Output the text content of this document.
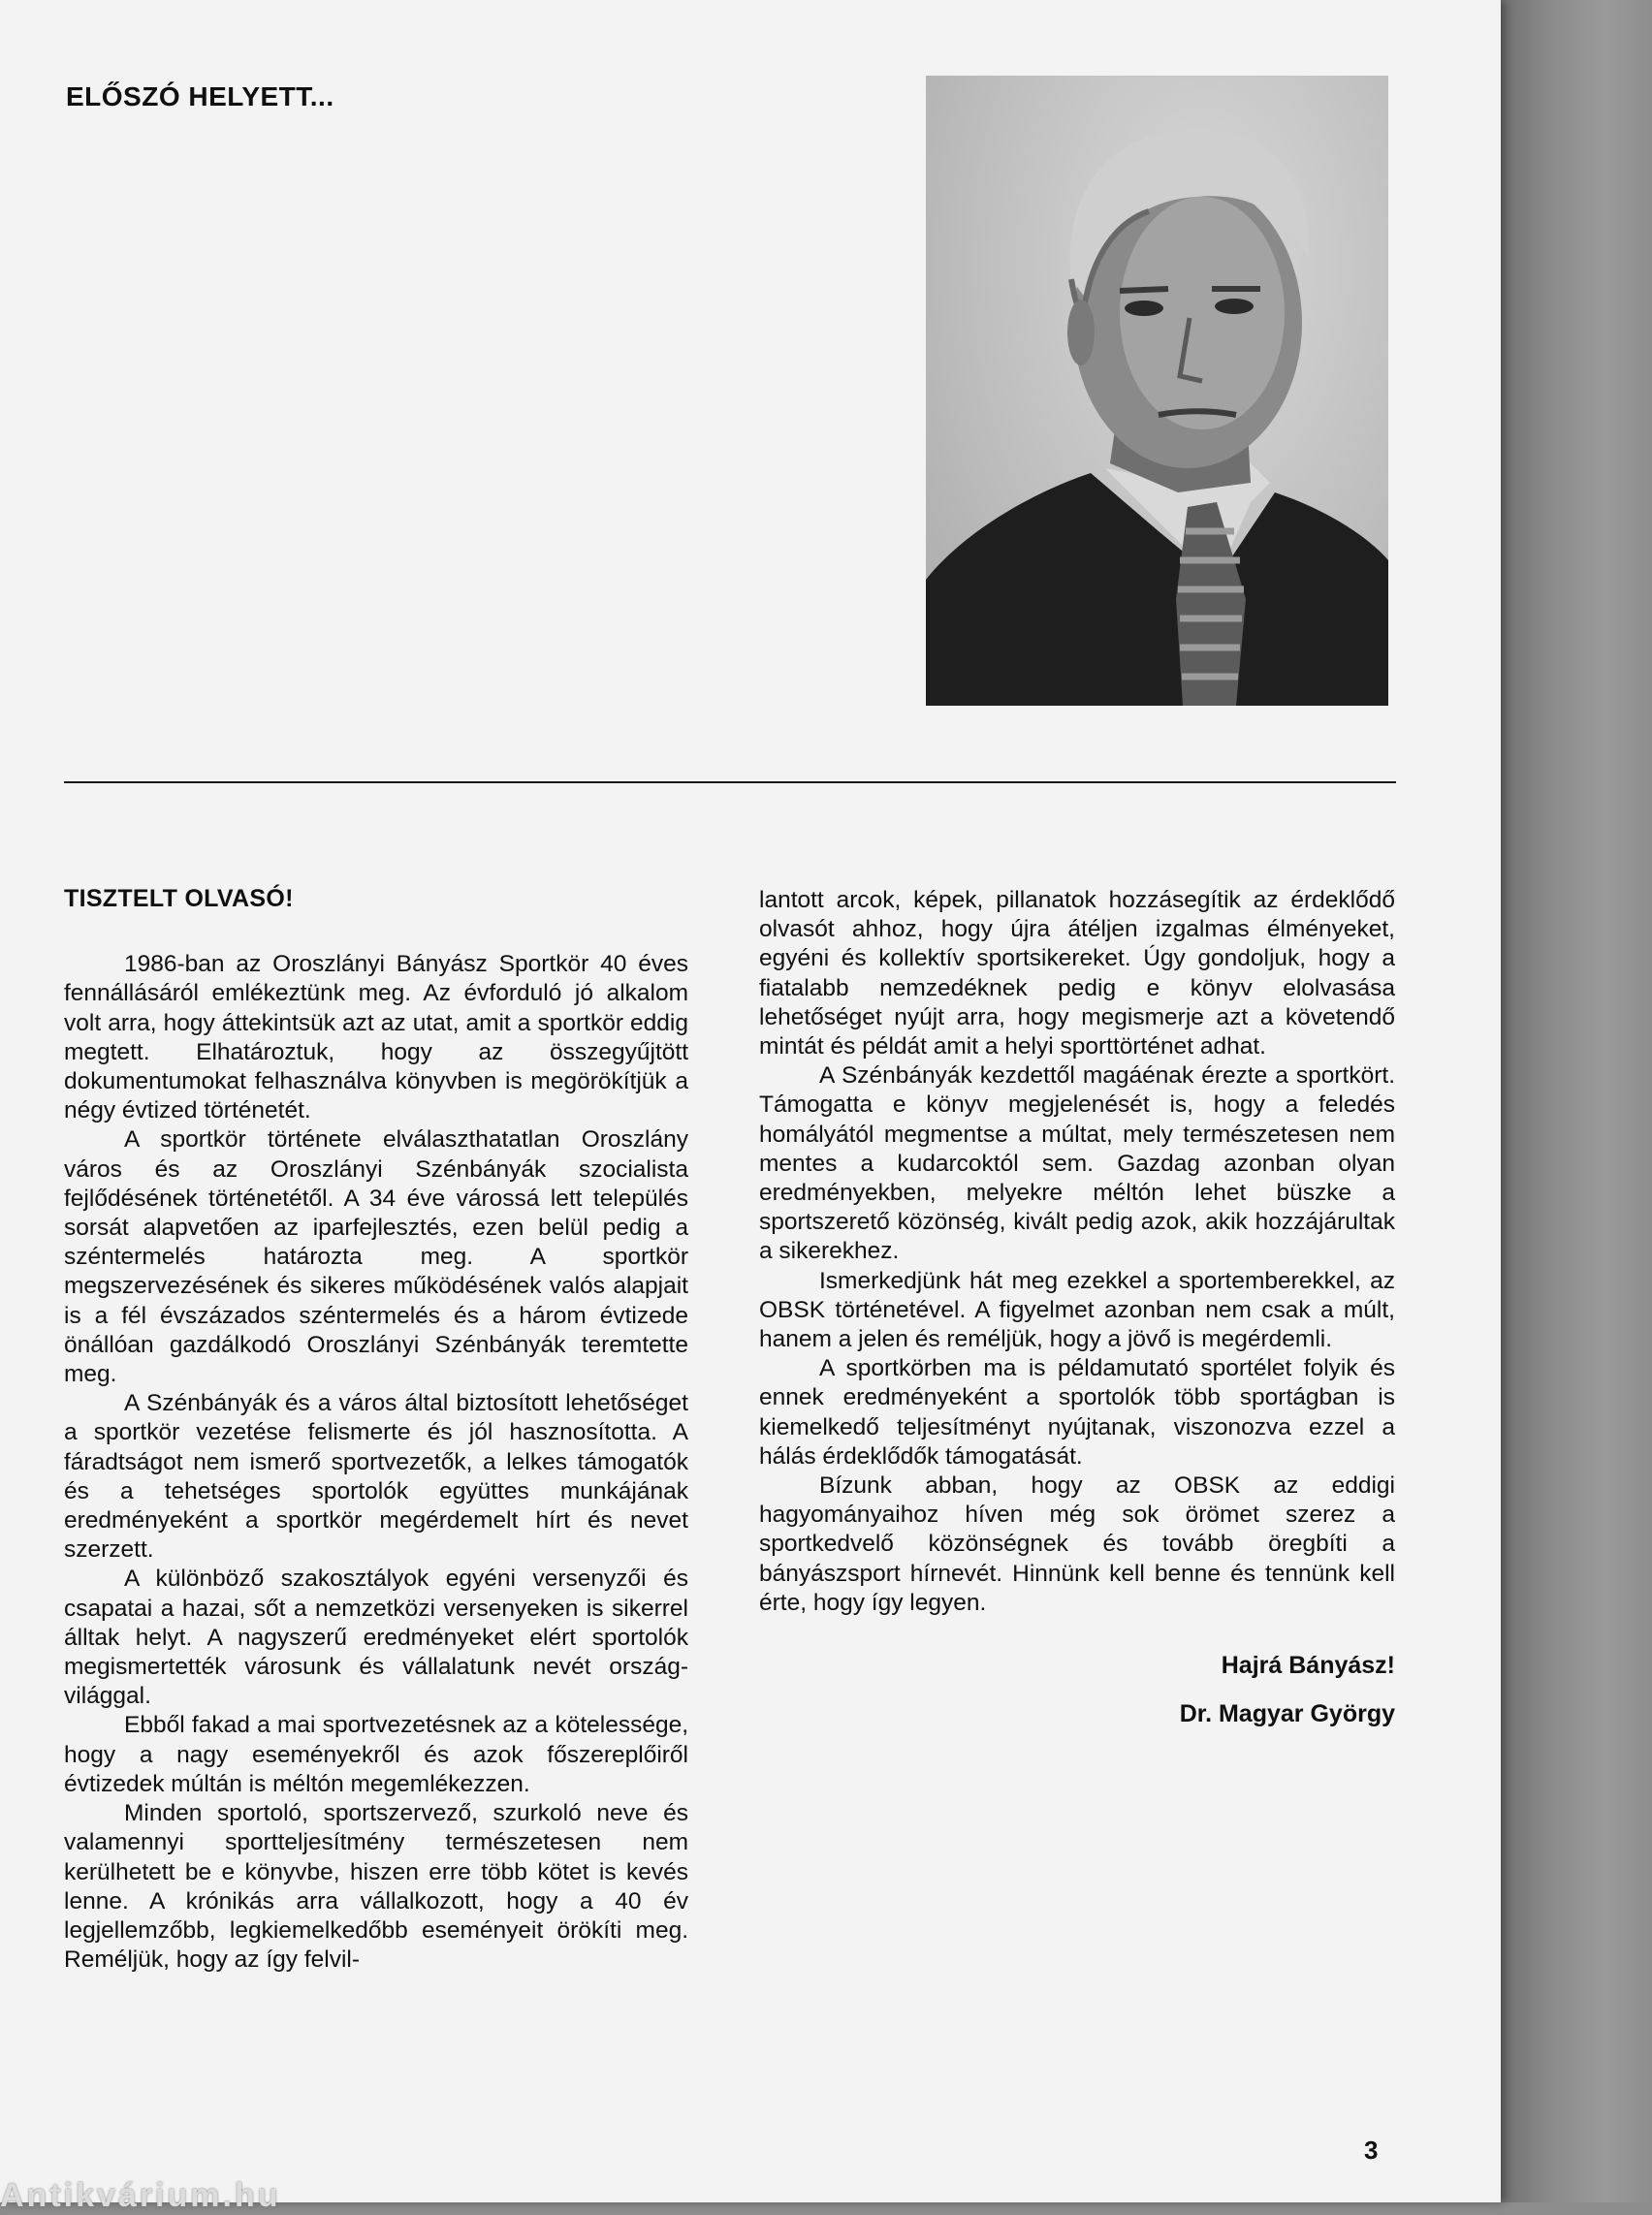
ELŐSZÓ HELYETT...

TISZTELT OLVASÓ!

1986-ban az Oroszlányi Bányász Sportkör 40 éves fennállásáról emlékeztünk meg. Az évforduló jó alkalom volt arra, hogy áttekintsük azt az utat, amit a sportkör eddig megtett. Elhatároztuk, hogy az összegyűjtött dokumentumokat felhasználva könyvben is megörökítjük a négy évtized történetét.

A sportkör története elválaszthatatlan Oroszlány város és az Oroszlányi Szénbányák szocialista fejlődésének történetétől. A 34 éve várossá lett település sorsát alapvetően az iparfejlesztés, ezen belül pedig a széntermelés határozta meg. A sportkör megszervezésének és sikeres működésének valós alapjait is a fél évszázados széntermelés és a három évtizede önállóan gazdálkodó Oroszlányi Szénbányák teremtette meg.

A Szénbányák és a város által biztosított lehetőséget a sportkör vezetése felismerte és jól hasznosította. A fáradtságot nem ismerő sportvezetők, a lelkes támogatók és a tehetséges sportolók együttes munkájának eredményeként a sportkör megérdemelt hírt és nevet szerzett.

A különböző szakosztályok egyéni versenyzői és csapatai a hazai, sőt a nemzetközi versenyeken is sikerrel álltak helyt. A nagyszerű eredményeket elért sportolók megismertették városunk és vállalatunk nevét ország-világgal.

Ebből fakad a mai sportvezetésnek az a kötelessége, hogy a nagy eseményekről és azok főszereplőiről évtizedek múltán is méltón megemlékezzen.

Minden sportoló, sportszervező, szurkoló neve és valamennyi sportteljesítmény természetesen nem kerülhetett be e könyvbe, hiszen erre több kötet is kevés lenne. A krónikás arra vállalkozott, hogy a 40 év legjellemzőbb, legkiemelkedőbb eseményeit örökíti meg. Reméljük, hogy az így felvil-

lantott arcok, képek, pillanatok hozzásegítik az érdeklődő olvasót ahhoz, hogy újra átéljen izgalmas élményeket, egyéni és kollektív sportsikereket. Úgy gondoljuk, hogy a fiatalabb nemzedéknek pedig e könyv elolvasása lehetőséget nyújt arra, hogy megismerje azt a követendő mintát és példát amit a helyi sporttörténet adhat.

A Szénbányák kezdettől magáénak érezte a sportkört. Támogatta e könyv megjelenését is, hogy a feledés homályától megmentse a múltat, mely természetesen nem mentes a kudarcoktól sem. Gazdag azonban olyan eredményekben, melyekre méltón lehet büszke a sportszerető közönség, kivált pedig azok, akik hozzájárultak a sikerekhez.

Ismerkedjünk hát meg ezekkel a sportemberekkel, az OBSK történetével. A figyelmet azonban nem csak a múlt, hanem a jelen és reméljük, hogy a jövő is megérdemli.

A sportkörben ma is példamutató sportélet folyik és ennek eredményeként a sportolók több sportágban is kiemelkedő teljesítményt nyújtanak, viszonozva ezzel a hálás érdeklődők támogatását.

Bízunk abban, hogy az OBSK az eddigi hagyományaihoz híven még sok örömet szerez a sportkedvelő közönségnek és tovább öregbíti a bányászsport hírnevét. Hinnünk kell benne és tennünk kell érte, hogy így legyen.

Hajrá Bányász!

Dr. Magyar György

3
Antikvárium.hu
